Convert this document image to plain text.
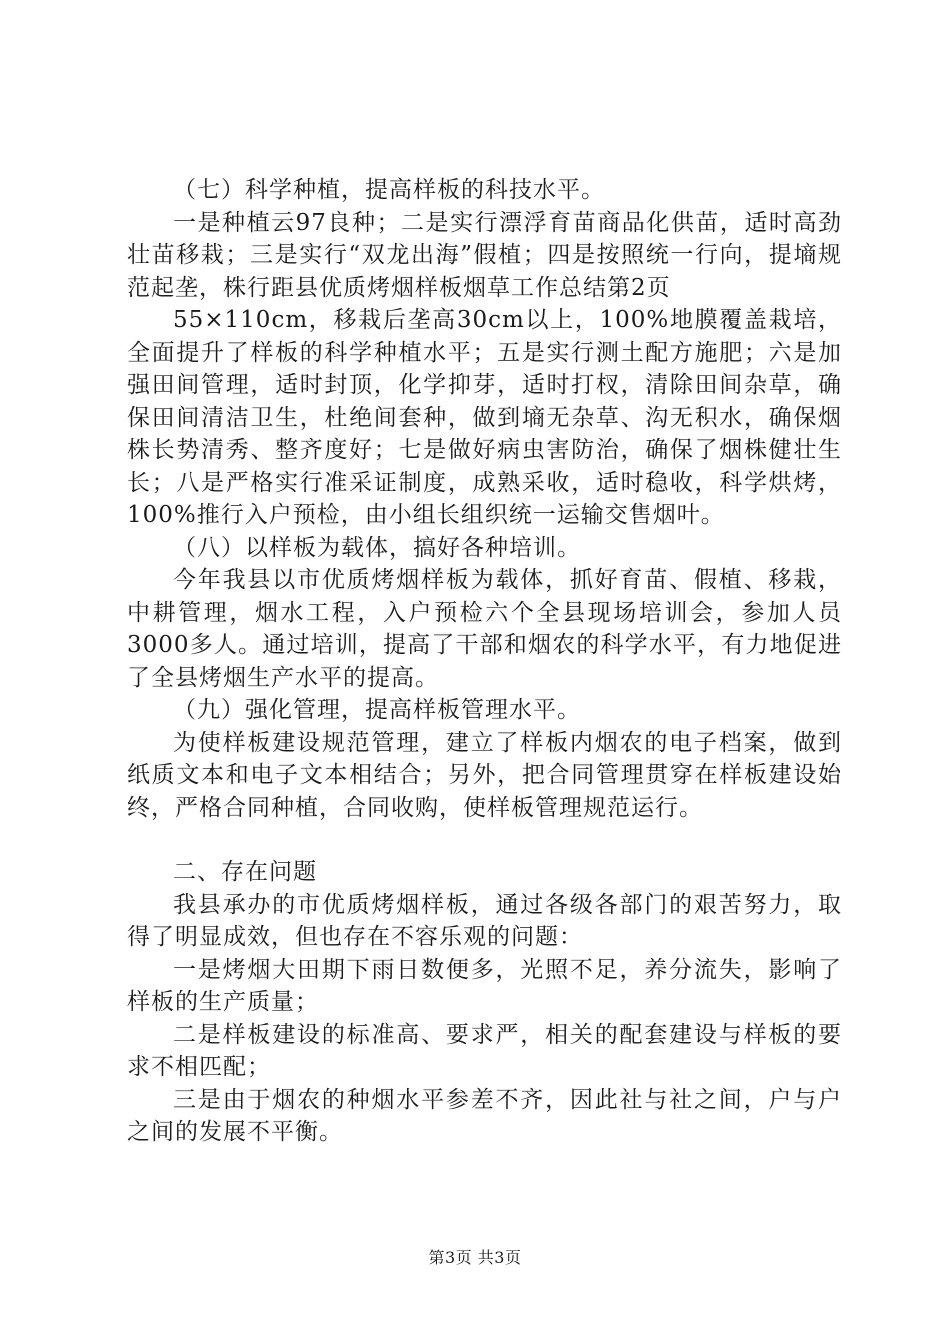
（七）科学种植，提高样板的科技水平。

一是种植云97良种；二是实行漂浮育苗商品化供苗，适时高劲壮苗移栽；三是实行“双龙出海”假植；四是按照统一行向，提墒规范起垄，株行距县优质烤烟样板烟草工作总结第2页

55×110cm，移栽后垄高30cm以上，100%地膜覆盖栽培，全面提升了样板的科学种植水平；五是实行测土配方施肥；六是加强田间管理，适时封顶，化学抑芽，适时打杈，清除田间杂草，确保田间清洁卫生，杜绝间套种，做到墒无杂草、沟无积水，确保烟株长势清秀、整齐度好；七是做好病虫害防治，确保了烟株健壮生长；八是严格实行准采证制度，成熟采收，适时稳收，科学烘烤，100%推行入户预检，由小组长组织统一运输交售烟叶。

（八）以样板为载体，搞好各种培训。

今年我县以市优质烤烟样板为载体，抓好育苗、假植、移栽，中耕管理，烟水工程，入户预检六个全县现场培训会，参加人员3000多人。通过培训，提高了干部和烟农的科学水平，有力地促进了全县烤烟生产水平的提高。

（九）强化管理，提高样板管理水平。

为使样板建设规范管理，建立了样板内烟农的电子档案，做到纸质文本和电子文本相结合；另外，把合同管理贯穿在样板建设始终，严格合同种植，合同收购，使样板管理规范运行。

二、存在问题

我县承办的市优质烤烟样板，通过各级各部门的艰苦努力，取得了明显成效，但也存在不容乐观的问题：

一是烤烟大田期下雨日数便多，光照不足，养分流失，影响了样板的生产质量；

二是样板建设的标准高、要求严，相关的配套建设与样板的要求不相匹配；

三是由于烟农的种烟水平参差不齐，因此社与社之间，户与户之间的发展不平衡。

第3页 共3页
